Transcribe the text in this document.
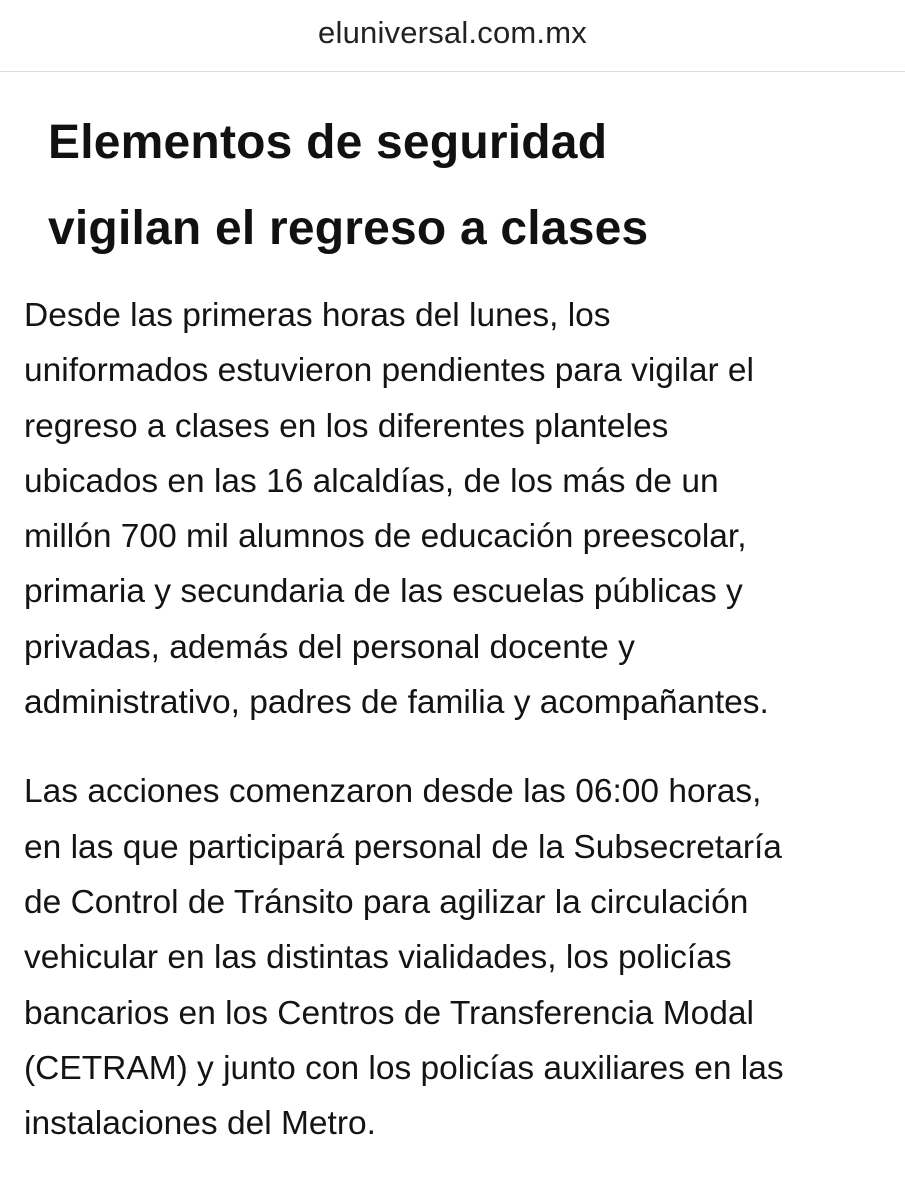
eluniversal.com.mx
Elementos de seguridad
vigilan el regreso a clases

Desde las primeras horas del lunes, los
uniformados estuvieron pendientes para vigilar el
regreso a clases en los diferentes planteles
ubicados en las 16 alcaldías, de los más de un
millón 700 mil alumnos de educación preescolar,
primaria y secundaria de las escuelas públicas y
privadas, además del personal docente y
administrativo, padres de familia y acompañantes.

Las acciones comenzaron desde las 06:00 horas,
en las que participará personal de la Subsecretaría
de Control de Tránsito para agilizar la circulación
vehicular en las distintas vialidades, los policías
bancarios en los Centros de Transferencia Modal
(CETRAM) y junto con los policías auxiliares en las
instalaciones del Metro.
